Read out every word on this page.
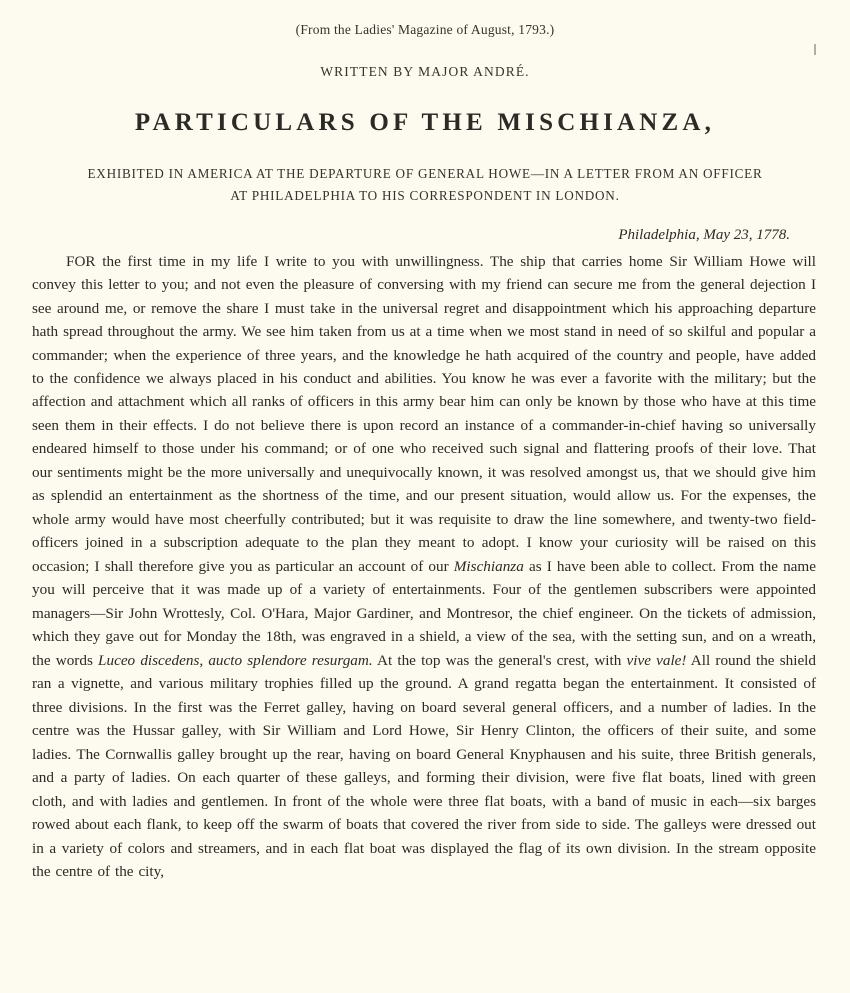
(From the Ladies' Magazine of August, 1793.)
WRITTEN BY MAJOR ANDRÉ.
PARTICULARS OF THE MISCHIANZA,
EXHIBITED IN AMERICA AT THE DEPARTURE OF GENERAL HOWE—IN A LETTER FROM AN OFFICER
AT PHILADELPHIA TO HIS CORRESPONDENT IN LONDON.
Philadelphia, May 23, 1778.
FOR the first time in my life I write to you with unwillingness. The ship that carries home Sir William Howe will convey this letter to you; and not even the pleasure of conversing with my friend can secure me from the general dejection I see around me, or remove the share I must take in the universal regret and disappointment which his approaching departure hath spread throughout the army. We see him taken from us at a time when we most stand in need of so skilful and popular a commander; when the experience of three years, and the knowledge he hath acquired of the country and people, have added to the confidence we always placed in his conduct and abilities. You know he was ever a favorite with the military; but the affection and attachment which all ranks of officers in this army bear him can only be known by those who have at this time seen them in their effects. I do not believe there is upon record an instance of a commander-in-chief having so universally endeared himself to those under his command; or of one who received such signal and flattering proofs of their love. That our sentiments might be the more universally and unequivocally known, it was resolved amongst us, that we should give him as splendid an entertainment as the shortness of the time, and our present situation, would allow us. For the expenses, the whole army would have most cheerfully contributed; but it was requisite to draw the line somewhere, and twenty-two field-officers joined in a subscription adequate to the plan they meant to adopt. I know your curiosity will be raised on this occasion; I shall therefore give you as particular an account of our Mischianza as I have been able to collect. From the name you will perceive that it was made up of a variety of entertainments. Four of the gentlemen subscribers were appointed managers—Sir John Wrottesly, Col. O'Hara, Major Gardiner, and Montresor, the chief engineer. On the tickets of admission, which they gave out for Monday the 18th, was engraved in a shield, a view of the sea, with the setting sun, and on a wreath, the words Luceo discedens, aucto splendore resurgam. At the top was the general's crest, with vive vale! All round the shield ran a vignette, and various military trophies filled up the ground. A grand regatta began the entertainment. It consisted of three divisions. In the first was the Ferret galley, having on board several general officers, and a number of ladies. In the centre was the Hussar galley, with Sir William and Lord Howe, Sir Henry Clinton, the officers of their suite, and some ladies. The Cornwallis galley brought up the rear, having on board General Knyphausen and his suite, three British generals, and a party of ladies. On each quarter of these galleys, and forming their division, were five flat boats, lined with green cloth, and with ladies and gentlemen. In front of the whole were three flat boats, with a band of music in each—six barges rowed about each flank, to keep off the swarm of boats that covered the river from side to side. The galleys were dressed out in a variety of colors and streamers, and in each flat boat was displayed the flag of its own division. In the stream opposite the centre of the city,
